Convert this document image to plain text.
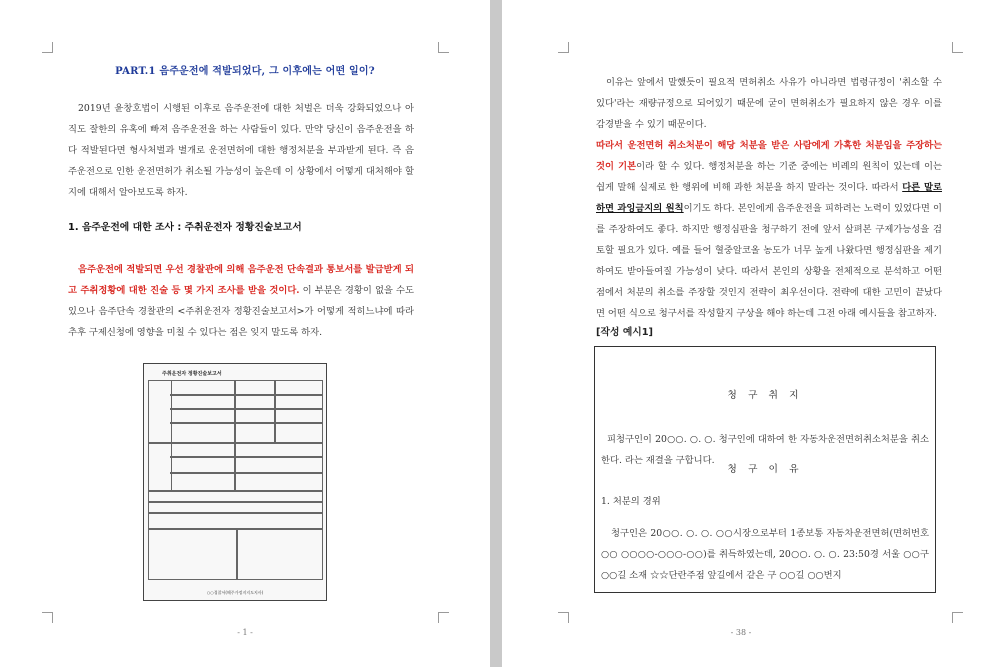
PART.1 음주운전에 적발되었다, 그 이후에는 어떤 일이?

2019년 윤창호법이 시행된 이후로 음주운전에 대한 처벌은 더욱 강화되었으나 아직도 잘한의 유혹에 빠져 음주운전을 하는 사람들이 있다. 만약 당신이 음주운전을 하다 적발된다면 형사처벌과 별개로 운전면허에 대한 행정처분을 부과받게 된다. 즉 음주운전으로 인한 운전면허가 취소될 가능성이 높은데 이 상황에서 어떻게 대처해야 할지에 대해서 알아보도록 하자.

1. 음주운전에 대한 조사 : 주취운전자 정황진술보고서

음주운전에 적발되면 우선 경찰관에 의해 음주운전 단속결과 통보서를 발급받게 되고 주취정황에 대한 진술 등 몇 가지 조사를 받을 것이다. 이 부분은 경황이 없을 수도 있으나 음주단속 경찰관의 <주취운전자 정황진술보고서>가 어떻게 적히느냐에 따라 추후 구제신청에 영향을 미칠 수 있다는 점은 잊지 말도록 하자.

주취운전자 정황진술보고서
○○경찰서(해주가정지지도지사)
- 1 -

이유는 앞에서 말했듯이 필요적 면허취소 사유가 아니라면 법령규정이 '취소할 수 있다'라는 재량규정으로 되어있기 때문에 굳이 면허취소가 필요하지 않은 경우 이를 감경받을 수 있기 때문이다.

따라서 운전면허 취소처분이 해당 처분을 받은 사람에게 가혹한 처분임을 주장하는 것이 기본이라 할 수 있다. 행정처분을 하는 기준 중에는 비례의 원칙이 있는데 이는 쉽게 말해 실제로 한 행위에 비해 과한 처분을 하지 말라는 것이다. 따라서 다른 말로 하면 과잉금지의 원칙이기도 하다. 본인에게 음주운전을 피하려는 노력이 있었다면 이를 주장하여도 좋다. 하지만 행정심판을 청구하기 전에 앞서 살펴본 구제가능성을 검토할 필요가 있다. 예를 들어 혈중알코올 농도가 너무 높게 나왔다면 행정심판을 제기하여도 받아들여질 가능성이 낮다. 따라서 본인의 상황을 전체적으로 분석하고 어떤 점에서 처분의 취소를 주장할 것인지 전략이 최우선이다. 전략에 대한 고민이 끝났다면 어떤 식으로 청구서를 작성할지 구상을 해야 하는데 그전 아래 예시들을 참고하자.

[작성 예시1]
청 구 취 지

피청구인이 20○○. ○. ○. 청구인에 대하여 한 자동차운전면허취소처분을 취소한다. 라는 재결을 구합니다.

청 구 이 유
1. 처분의 경위

청구인은 20○○. ○. ○. ○○시장으로부터 1종보통 자동차운전면허(면허번호 ○○ ○○○○-○○○-○○)를 취득하였는데, 20○○. ○. ○. 23:50경 서울 ○○구 ○○길 소재 ☆☆단란주점 앞길에서 같은 구 ○○길 ○○번지

- 38 -
